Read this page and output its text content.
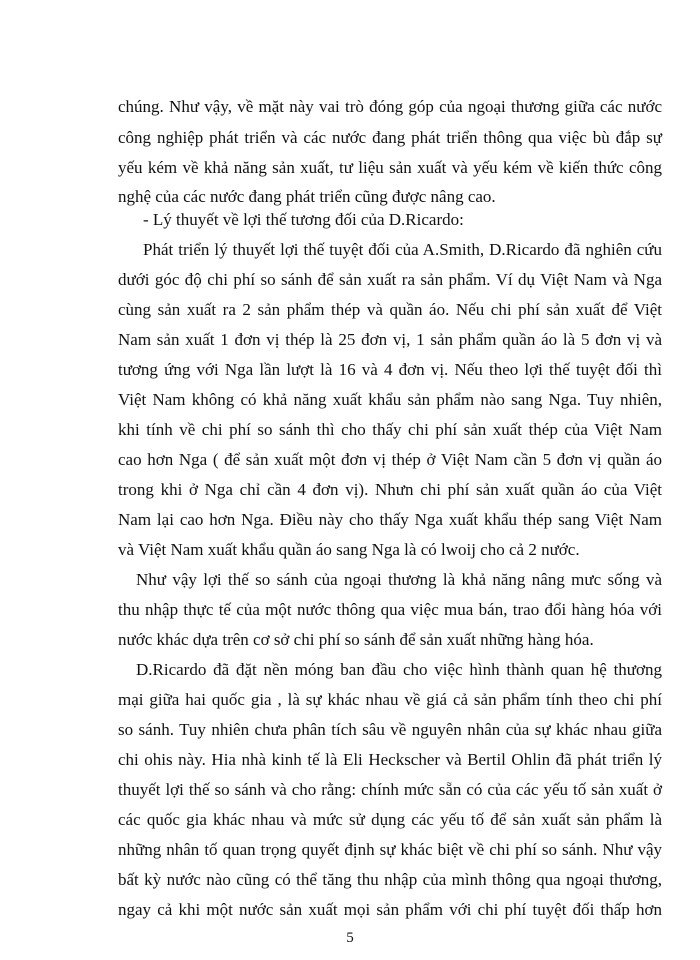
chúng. Như vậy, về mặt này vai trò đóng góp của ngoại thương giữa các nước
công nghiệp phát triển và các nước đang phát triển thông qua việc bù đắp sự
yếu kém về khả năng sản xuất, tư liệu sản xuất và yếu kém về kiến thức công
nghệ của các nước đang phát triển cũng được nâng cao.
- Lý thuyết về lợi thế tương đối của D.Ricardo:
Phát triển lý thuyết lợi thế tuyệt đối của A.Smith, D.Ricardo đã nghiên cứu
dưới góc độ chi phí so sánh để sản xuất ra sản phẩm. Ví dụ Việt Nam và Nga
cùng sản xuất ra 2 sản phẩm thép và quần áo. Nếu chi phí sản xuất để Việt
Nam sản xuất 1 đơn vị thép là 25 đơn vị, 1 sản phẩm quần áo là 5 đơn vị và
tương ứng với Nga lần lượt là 16 và 4 đơn vị. Nếu theo lợi thế tuyệt đối thì
Việt Nam không có khả năng xuất khẩu sản phẩm nào sang Nga. Tuy nhiên,
khi tính về chi phí so sánh thì cho thấy chi phí sản xuất thép của Việt Nam
cao hơn Nga ( để sản xuất một đơn vị thép ở Việt Nam cần 5 đơn vị quần áo
trong khi ở Nga chỉ cần 4 đơn vị). Nhưn chi phí sản xuất quần áo của Việt
Nam lại cao hơn Nga. Điều này cho thấy Nga xuất khẩu thép sang Việt Nam
và Việt Nam xuất khẩu quần áo sang Nga là có lwoij cho cả 2 nước.
Như vậy lợi thế so sánh của ngoại thương là khả năng nâng mưc sống và
thu nhập thực tế của một nước thông qua việc mua bán, trao đổi hàng hóa với
nước khác dựa trên cơ sở chi phí so sánh để sản xuất những hàng hóa.
D.Ricardo đã đặt nền móng ban đầu cho việc hình thành quan hệ thương
mại giữa hai quốc gia , là sự khác nhau về giá cả sản phẩm tính theo chi phí
so sánh. Tuy nhiên chưa phân tích sâu về nguyên nhân của sự khác nhau giữa
chi ohis này. Hia nhà kinh tế là Eli Heckscher và Bertil Ohlin đã phát triển lý
thuyết lợi thế so sánh và cho rằng: chính mức sẵn có của các yếu tố sản xuất ở
các quốc gia khác nhau và mức sử dụng các yếu tố để sản xuất sản phẩm là
những nhân tố quan trọng quyết định sự khác biệt về chi phí so sánh. Như vậy
bất kỳ nước nào cũng có thể tăng thu nhập của mình thông qua ngoại thương,
ngay cả khi một nước sản xuất mọi sản phẩm với chi phí tuyệt đối thấp hơn
5
